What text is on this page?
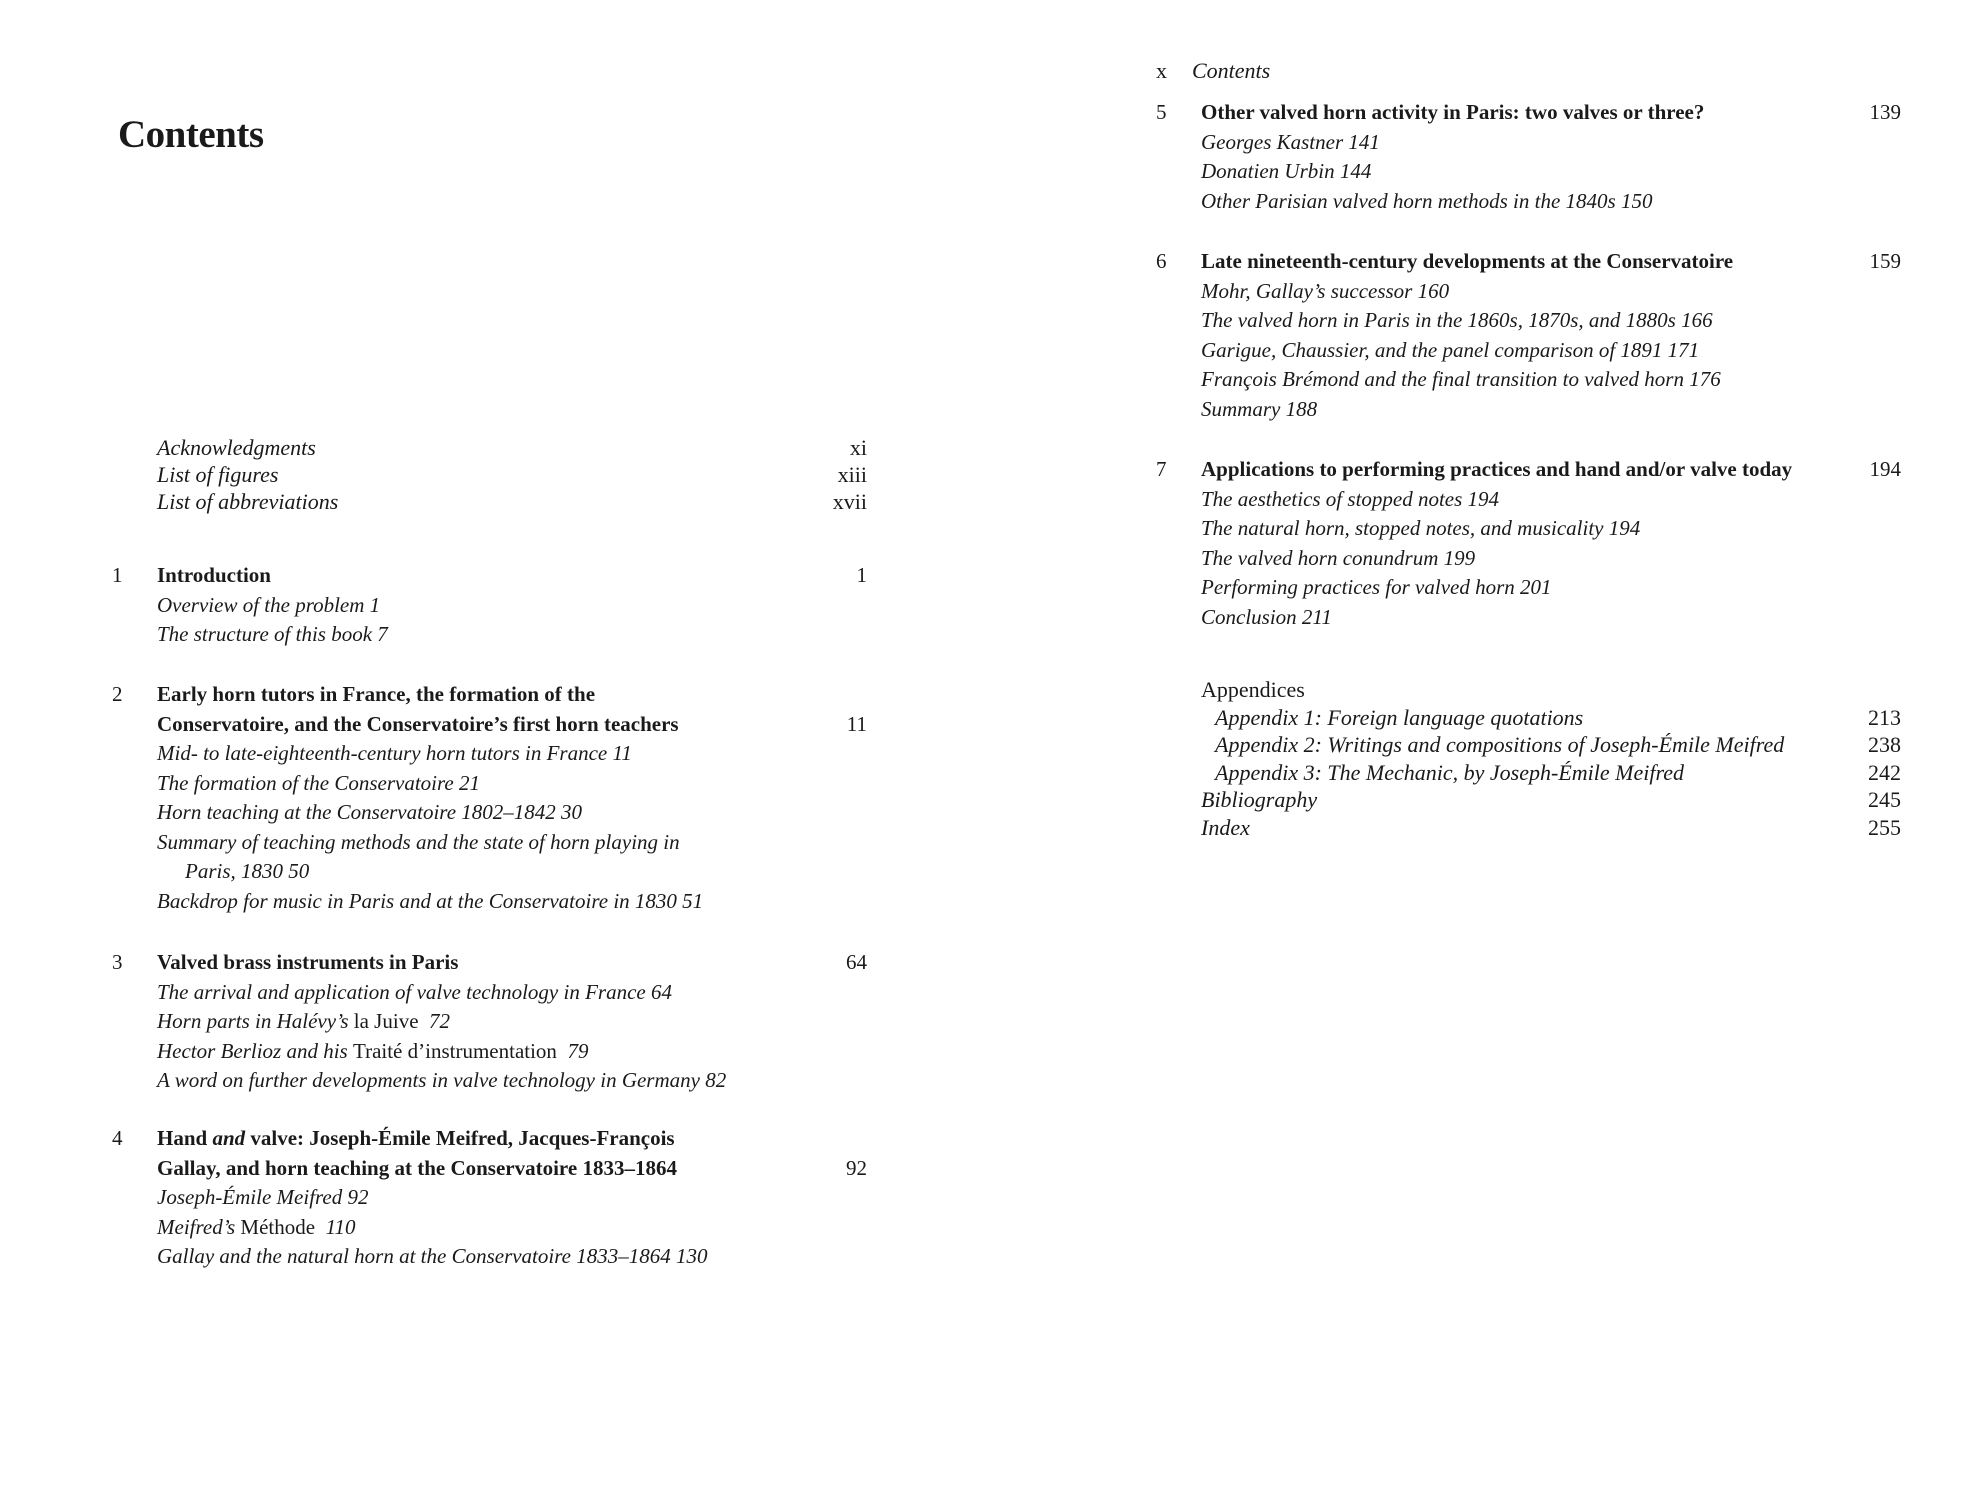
Contents
Acknowledgments	xi
List of figures	xiii
List of abbreviations	xvii
1	Introduction	1
Overview of the problem 1
The structure of this book 7
2	Early horn tutors in France, the formation of the
Conservatoire, and the Conservatoire’s first horn teachers	11
Mid- to late-eighteenth-century horn tutors in France 11
The formation of the Conservatoire 21
Horn teaching at the Conservatoire 1802–1842 30
Summary of teaching methods and the state of horn playing in
Paris, 1830 50
Backdrop for music in Paris and at the Conservatoire in 1830 51
3	Valved brass instruments in Paris	64
The arrival and application of valve technology in France 64
Horn parts in Halévy’s la Juive  72
Hector Berlioz and his Traité d’instrumentation  79
A word on further developments in valve technology in Germany 82
4	Hand and valve: Joseph-Émile Meifred, Jacques-François
Gallay, and horn teaching at the Conservatoire 1833–1864	92
Joseph-Émile Meifred 92
Meifred’s Méthode  110
Gallay and the natural horn at the Conservatoire 1833–1864 130
x Contents
5	Other valved horn activity in Paris: two valves or three?	139
Georges Kastner 141
Donatien Urbin 144
Other Parisian valved horn methods in the 1840s 150
6	Late nineteenth-century developments at the Conservatoire	159
Mohr, Gallay’s successor 160
The valved horn in Paris in the 1860s, 1870s, and 1880s 166
Garigue, Chaussier, and the panel comparison of 1891 171
François Brémond and the final transition to valved horn 176
Summary 188
7	Applications to performing practices and hand and/or valve today	194
The aesthetics of stopped notes 194
The natural horn, stopped notes, and musicality 194
The valved horn conundrum 199
Performing practices for valved horn 201
Conclusion 211
Appendices
Appendix 1: Foreign language quotations	213
Appendix 2: Writings and compositions of Joseph-Émile Meifred	238
Appendix 3: The Mechanic, by Joseph-Émile Meifred	242
Bibliography	245
Index	255
